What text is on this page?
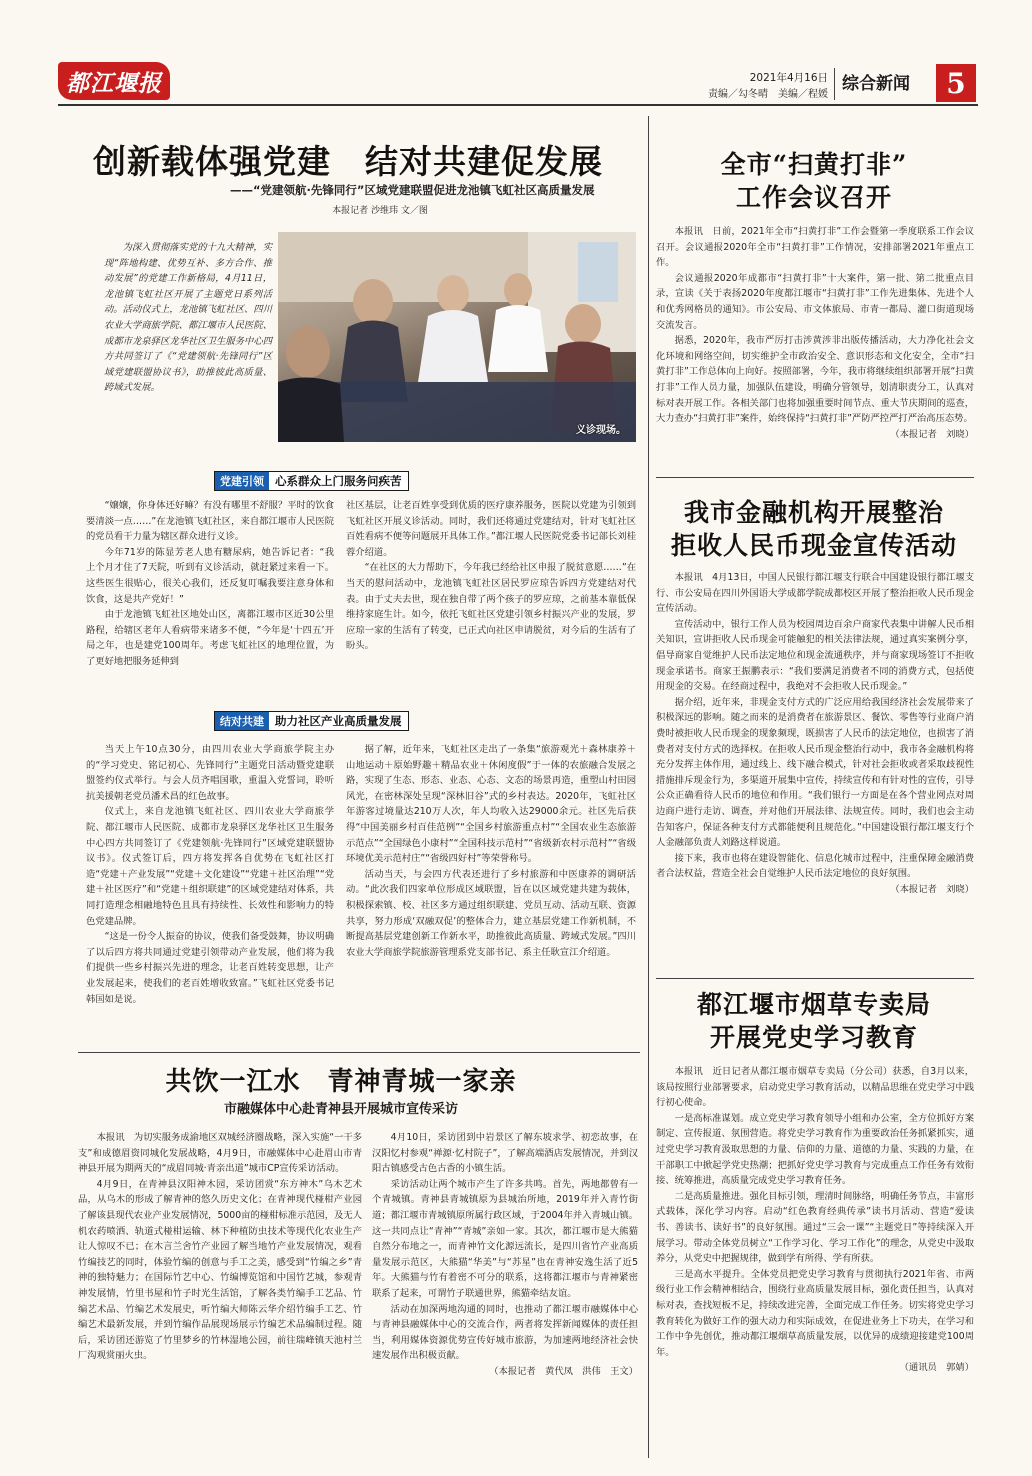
都江堰报	2021年4月16日
责编／勾冬晴　美编／程媛
综合新闻	5
创新载体强党建　结对共建促发展
——“党建领航·先锋同行”区域党建联盟促进龙池镇飞虹社区高质量发展
本报记者 沙维玮 文／图
为深入贯彻落实党的十九大精神，实现“阵地构建、优势互补、多方合作、推动发展”的党建工作新格局，4月11日，龙池镇飞虹社区开展了主题党日系列活动。活动仪式上，龙池镇飞虹社区、四川农业大学商旅学院、都江堰市人民医院、成都市龙泉驿区龙华社区卫生服务中心四方共同签订了《“党建领航·先锋同行”区域党建联盟协议书》，助推彼此高质量、跨域式发展。
义诊现场。
党建引领 心系群众上门服务问疾苦

“嬢嬢，你身体还好嘛？有没有哪里不舒服？平时的饮食要清淡一点……”在龙池镇飞虹社区，来自都江堰市人民医院的党员看干力量为辖区群众进行义诊。

今年71岁的陈显芳老人患有糖尿病，她告诉记者：“我上个月才住了7天院，听到有义诊活动，就赶紧过来看一下。这些医生很贴心，很关心我们，还反复叮嘱我要注意身体和饮食，这是共产党好！”

由于龙池镇飞虹社区地处山区，离都江堰市区近30公里路程，给辖区老年人看病带来诸多不便，“今年是‘十四五’开局之年，也是建党100周年。考虑飞虹社区的地理位置，为了更好地把服务延伸到

社区基层，让老百姓享受到优质的医疗康养服务，医院以党建为引领到飞虹社区开展义诊活动。同时，我们还将通过党建结对，针对飞虹社区百姓看病不便等问题展开具体工作。”都江堰人民医院党委书记部长刘桂蓉介绍道。

“在社区的大力帮助下，今年我已经给社区申报了脱贫意愿……”在当天的慰问活动中，龙池镇飞虹社区居民罗应琼告诉四方党建结对代表。由于丈夫去世，现在独自带了两个孩子的罗应琼，之前基本靠低保维持家庭生计。如今，依托飞虹社区党建引领乡村振兴产业的发展，罗应琼一家的生活有了转变，已正式向社区申请脱贫，对今后的生活有了盼头。

结对共建 助力社区产业高质量发展

当天上午10点30分，由四川农业大学商旅学院主办的“学习党史、铭记初心、先锋同行”主题党日活动暨党建联盟签约仪式举行。与会人员齐唱国歌，重温入党誓词，聆听抗美援朝老党员潘术昌的红色故事。

仪式上，来自龙池镇飞虹社区、四川农业大学商旅学院、都江堰市人民医院、成都市龙泉驿区龙华社区卫生服务中心四方共同签订了《党建领航·先锋同行”区域党建联盟协议书》。仪式签订后，四方将发挥各自优势在飞虹社区打造“党建＋产业发展”“党建＋文化建设”“党建＋社区治理”“党建＋社区医疗”和“党建＋组织联建”的区域党建结对体系，共同打造理念相融地特色且具有持续性、长效性和影响力的特色党建品牌。

“这是一份令人振奋的协议，使我们备受鼓舞，协议明确了以后四方将共同通过党建引领带动产业发展，他们将为我们提供一些乡村振兴先进的理念，让老百姓转变思想，让产业发展起来，使我们的老百姓增收致富。”飞虹社区党委书记韩国如是说。

据了解，近年来，飞虹社区走出了一条集“旅游观光＋森林康养＋山地运动＋原始野趣＋精品农业＋休闲度假”于一体的农旅融合发展之路，实现了生态、形态、业态、心态、文态的场景再造，重塑山村田园风光，在密林深处呈现“深林旧谷”式的乡村表达。2020年，飞虹社区年游客过境量达210万人次，年人均收入达29000余元。社区先后获得“中国美丽乡村百佳范例”“全国乡村旅游重点村”“全国农业生态旅游示范点”“全国绿色小康村”“全国科技示范村”“省级新农村示范村”“省级环境优美示范村庄”“省级四好村”等荣誉称号。

活动当天，与会四方代表还进行了乡村旅游和中医康养的调研活动。“此次我们四家单位形成区域联盟，旨在以区域党建共建为载体，积极探索镇、校、社区多方通过组织联建、党员互动、活动互联、资源共享，努力形成‘双融双促’的整体合力，建立基层党建工作新机制，不断提高基层党建创新工作新水平，助推彼此高质量、跨域式发展。”四川农业大学商旅学院旅游管理系党支部书记、系主任耿宣江介绍道。

共饮一江水　青神青城一家亲
市融媒体中心赴青神县开展城市宣传采访

本报讯　为切实服务成渝地区双城经济圈战略，深入实施“一干多支”和成德眉资同城化发展战略，4月9日，市融媒体中心赴眉山市青神县开展为期两天的“成眉同城·青亲出道”城市CP宣传采访活动。

4月9日，在青神县汉阳神木园，采访团赏“东方神木”乌木艺术品，从乌木的形成了解青神的悠久历史文化；在青神现代椪柑产业园了解该县现代农业产业发展情况，5000亩的椪柑标准示范园，及无人机农药喷洒、轨道式椪柑运输、林下种植防虫技术等现代化农业生产让人惊叹不已；在木言兰舍竹产业园了解当地竹产业发展情况，观看竹编技艺的同时，体验竹编的创意与手工之美，感受到“竹编之乡”青神的独特魅力；在国际竹艺中心、竹编博览馆和中国竹艺城，参观青神发展情，竹里书屋和竹子时光生活馆，了解各类竹编手工艺品、竹编艺术品、竹编艺术发展史，听竹编大师陈云华介绍竹编手工艺、竹编艺术最新发展，并到竹编作品展现场展示竹编艺术品编制过程。随后，采访团还游览了竹里梦乡的竹林湿地公园，前往瑞峰镇天池村兰厂沟观赏丽火虫。

4月10日，采访团到中岩景区了解东坡求学、初恋故事，在汉阳忆村参观“禅源·忆村院子”，了解高端酒店发展情况，并到汉阳古镇感受古色古香的小镇生活。

采访活动让两个城市产生了许多共鸣。首先，两地都曾有一个青城镇。青神县青城镇原为县城治所地，2019年并入青竹街道；都江堰市青城镇原所属行政区域，于2004年并入青城山镇。这一共同点让“青神”“青城”亲如一家。其次，都江堰市是大熊猫自然分布地之一，而青神竹文化源远流长，是四川省竹产业高质量发展示范区，大熊猫“华美”与“苏星”也在青神安逸生活了近5年。大熊猫与竹有着密不可分的联系，这将都江堰市与青神紧密联系了起来，可谓竹子联通世界，熊猫牵结友谊。

活动在加深两地沟通的同时，也推动了都江堰市融媒体中心与青神县融媒体中心的交流合作，两者将发挥新闻媒体的责任担当，利用媒体资源优势宣传好城市旅游，为加速两地经济社会快速发展作出积极贡献。

（本报记者　黄代凤　洪伟　王文）

全市“扫黄打非”
工作会议召开

本报讯　日前，2021年全市“扫黄打非”工作会暨第一季度联系工作会议召开。会议通报2020年全市“扫黄打非”工作情况，安排部署2021年重点工作。

会议通报2020年成都市“扫黄打非”十大案件，第一批、第二批重点目录，宣读《关于表扬2020年度都江堰市“扫黄打非”工作先进集体、先进个人和优秀网格员的通知》。市公安局、市文体旅局、市青一都局、灌口街道现场交流发言。

据悉，2020年，我市严厉打击涉黄涉非出版传播活动，大力净化社会文化环境和网络空间，切实维护全市政治安全、意识形态和文化安全，全市“扫黄打非”工作总体向上向好。按照部署，今年，我市将继续组织部署开展“扫黄打非”工作人员力量，加强队伍建设，明确分管领导，划清职责分工，认真对标对表开展工作。各相关部门也将加强重要时间节点、重大节庆期间的巡查，大力查办“扫黄打非”案件，始终保持“扫黄打非”严防严控严打严治高压态势。

（本报记者　刘晓）

我市金融机构开展整治
拒收人民币现金宣传活动

本报讯　4月13日，中国人民银行都江堰支行联合中国建设银行都江堰支行、市公安局在四川外国语大学成都学院成都校区开展了整治拒收人民币现金宣传活动。

宣传活动中，银行工作人员为校园周边百余户商家代表集中讲解人民币相关知识，宣讲拒收人民币现金可能触犯的相关法律法规，通过真实案例分享，倡导商家自觉维护人民币法定地位和现金流通秩序，并与商家现场签订不拒收现金承诺书。商家王振鹏表示：“我们要满足消费者不同的消费方式，包括使用现金的交易。在经商过程中，我绝对不会拒收人民币现金。”

据介绍，近年来，非现金支付方式的广泛应用给我国经济社会发展带来了积极深远的影响。随之而来的是消费者在旅游景区、餐饮、零售等行业商户消费时被拒收人民币现金的现象频现，既损害了人民币的法定地位，也损害了消费者对支付方式的选择权。在拒收人民币现金整治行动中，我市各金融机构将充分发挥主体作用，通过线上、线下融合模式，针对社会拒收或者采取歧视性措施排斥现金行为，多渠道开展集中宣传，持续宣传和有针对性的宣传，引导公众正确看待人民币的地位和作用。“我们银行一方面是在各个营业网点对周边商户进行走访、调查，并对他们开展法律、法规宣传。同时，我们也会主动告知客户，保证各种支付方式都能便利且规范化。”中国建设银行都江堰支行个人金融部负责人刘路这样说道。

接下来，我市也将在建设智能化、信息化城市过程中，注重保障金融消费者合法权益，营造全社会自觉维护人民币法定地位的良好氛围。

（本报记者　刘晓）

都江堰市烟草专卖局
开展党史学习教育

本报讯　近日记者从都江堰市烟草专卖局（分公司）获悉，自3月以来，该局按照行业部署要求，启动党史学习教育活动，以精品思维在党史学习中践行初心使命。

一是高标准谋划。成立党史学习教育领导小组和办公室，全方位抓好方案制定、宣传报道、氛围营造。将党史学习教育作为重要政治任务抓紧抓实，通过党史学习教育汲取思想的力量、信仰的力量、道德的力量、实践的力量，在干部职工中掀起学党史热潮；把抓好党史学习教育与完成重点工作任务有效衔接、统筹推进，高质量完成党史学习教育任务。

二是高质量推进。强化目标引领，理清时间脉络，明确任务节点，丰富形式载体，深化学习内容。启动“红色教育经典传承”读书月活动、营造“爱读书、善读书、读好书”的良好氛围。通过“三会一课”“主题党日”等持续深入开展学习。带动全体党员树立“工作学习化、学习工作化”的理念，从党史中汲取养分，从党史中把握规律，做到学有所得、学有所获。

三是高水平提升。全体党员把党史学习教育与贯彻执行2021年省、市两级行业工作会精神相结合，围绕行业高质量发展目标，强化责任担当，认真对标对表，查找短板不足，持续改进完善，全面完成工作任务。切实将党史学习教育转化为做好工作的强大动力和实际成效，在促进业务上下功夫，在学习和工作中争先创优，推动都江堰烟草高质量发展，以优异的成绩迎接建党100周年。

（通讯员　郭婧）
